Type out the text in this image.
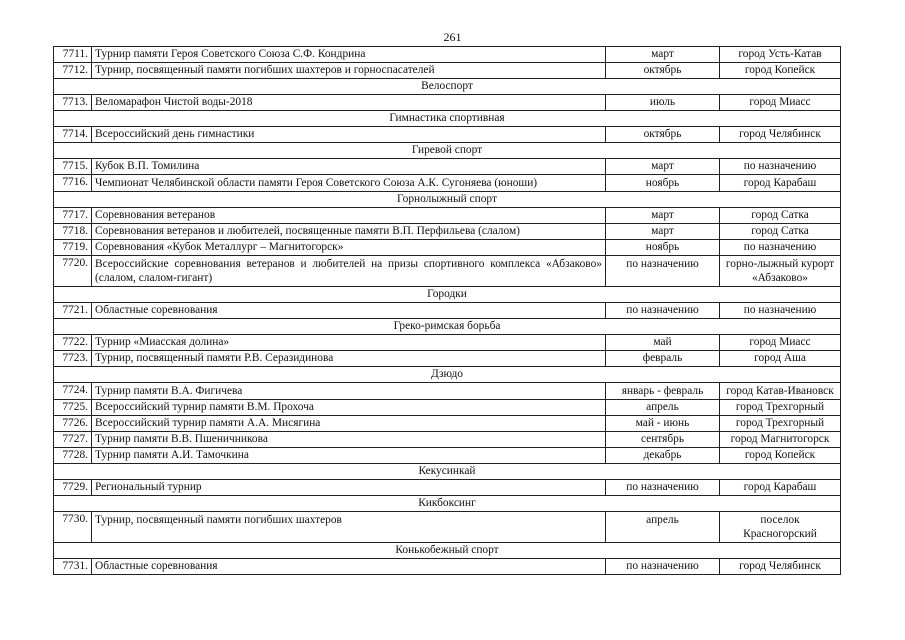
261
7711.	Турнир памяти Героя Советского Союза С.Ф. Кондрина	март	город Усть-Катав
7712.	Турнир, посвященный памяти погибших шахтеров и горноспасателей	октябрь	город Копейск
Велоспорт			
7713.	Веломарафон Чистой воды-2018	июль	город Миасс
Гимнастика спортивная			
7714.	Всероссийский день гимнастики	октябрь	город Челябинск
Гиревой спорт			
7715.	Кубок В.П. Томилина	март	по назначению
7716.	Чемпионат Челябинской области памяти Героя Советского Союза А.К. Сугоняева (юноши)	ноябрь	город Карабаш
Горнолыжный спорт			
7717.	Соревнования ветеранов	март	город Сатка
7718.	Соревнования ветеранов и любителей, посвященные памяти В.П. Перфильева (слалом)	март	город Сатка
7719.	Соревнования «Кубок Металлург – Магнитогорск»	ноябрь	по назначению
7720.	Всероссийские соревнования ветеранов и любителей на призы спортивного комплекса «Абзаково» (слалом, слалом-гигант)	по назначению	горно-лыжный курорт «Абзаково»
Городки			
7721.	Областные соревнования	по назначению	по назначению
Греко-римская борьба			
7722.	Турнир «Миасская долина»	май	город Миасс
7723.	Турнир, посвященный памяти Р.В. Серазидинова	февраль	город Аша
Дзюдо			
7724.	Турнир памяти В.А. Фигичева	январь - февраль	город Катав-Ивановск
7725.	Всероссийский турнир памяти В.М. Прохоча	апрель	город Трехгорный
7726.	Всероссийский турнир памяти А.А. Мисягина	май - июнь	город Трехгорный
7727.	Турнир памяти В.В. Пшеничникова	сентябрь	город Магнитогорск
7728.	Турнир памяти А.И. Тамочкина	декабрь	город Копейск
Кекусинкай			
7729.	Региональный турнир	по назначению	город Карабаш
Кикбоксинг			
7730.	Турнир, посвященный памяти погибших шахтеров	апрель	поселок Красногорский
Конькобежный спорт			
7731.	Областные соревнования	по назначению	город Челябинск
